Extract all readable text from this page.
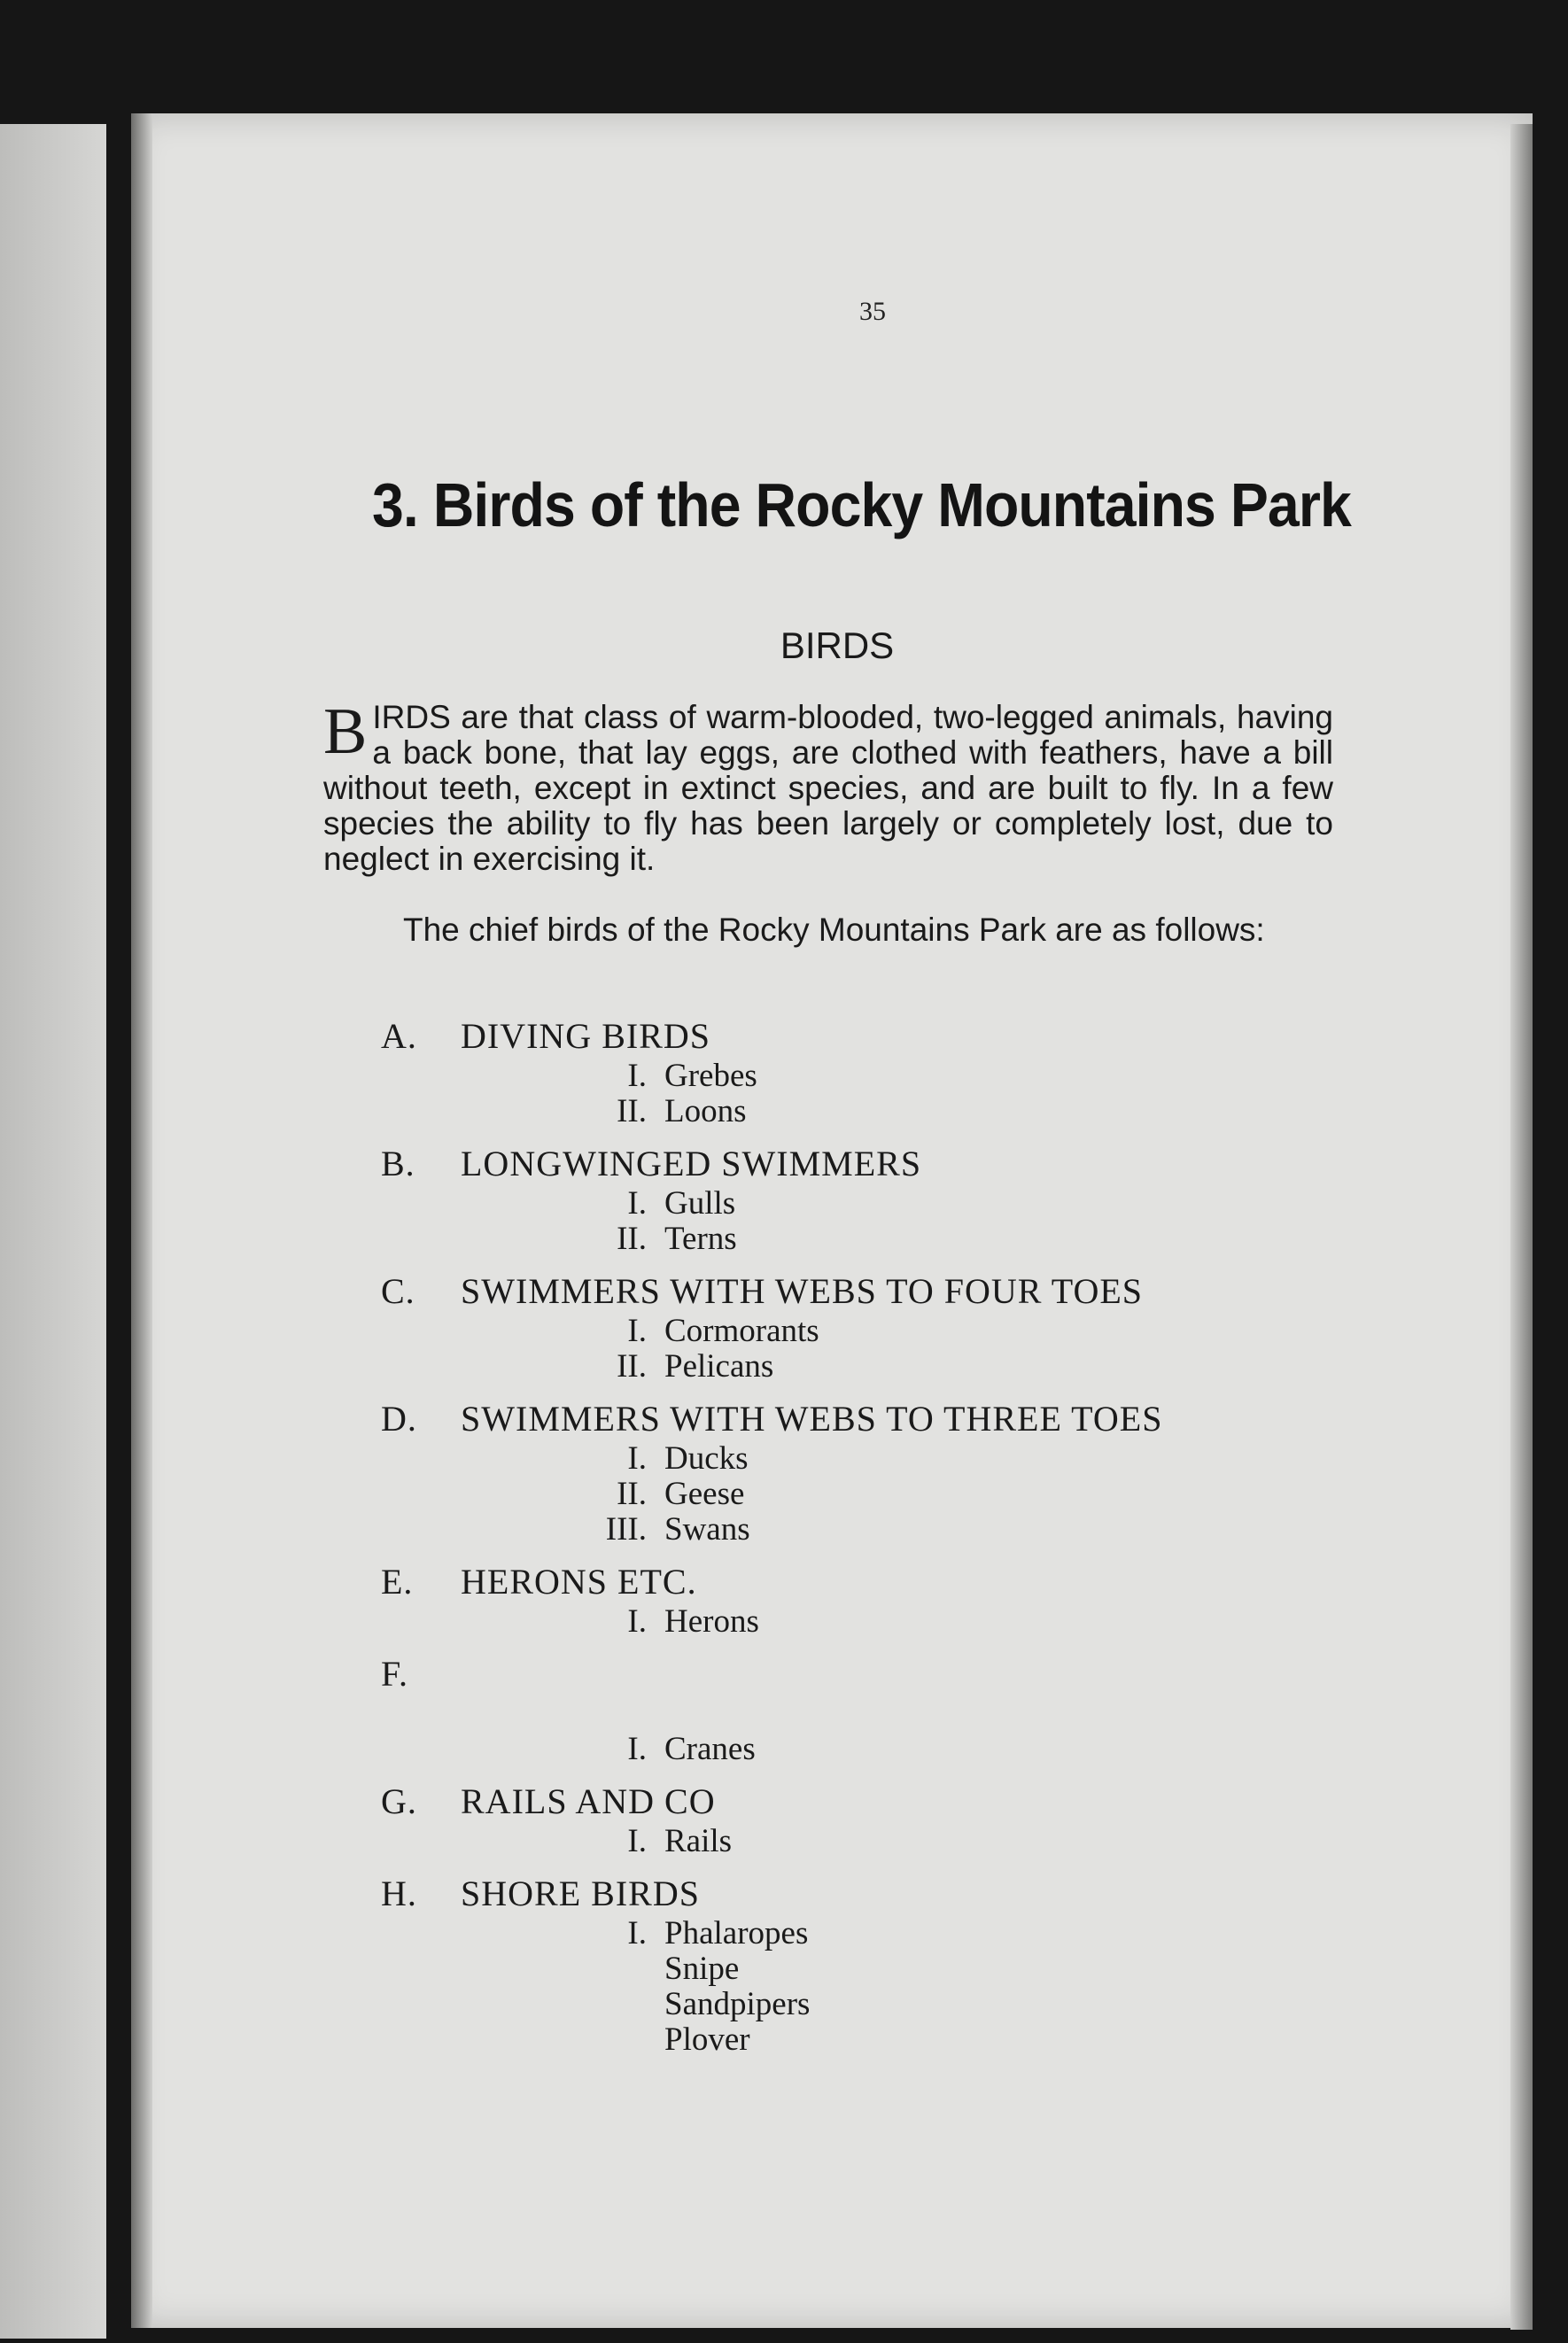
35
3. Birds of the Rocky Mountains Park
BIRDS
BIRDS are that class of warm-blooded, two-legged animals, having a back bone, that lay eggs, are clothed with feathers, have a bill without teeth, except in extinct species, and are built to fly. In a few species the ability to fly has been largely or completely lost, due to neglect in exercising it.
The chief birds of the Rocky Mountains Park are as follows:
A.	DIVING BIRDS
I. Grebes
II. Loons
B.	LONGWINGED SWIMMERS
I. Gulls
II. Terns
C.	SWIMMERS WITH WEBS TO FOUR TOES
I. Cormorants
II. Pelicans
D.	SWIMMERS WITH WEBS TO THREE TOES
I. Ducks
II. Geese
III. Swans
E.	HERONS ETC.
I. Herons
F.
I. Cranes
G.	RAILS AND CO
I. Rails
H.	SHORE BIRDS
I. Phalaropes
Snipe
Sandpipers
Plover
